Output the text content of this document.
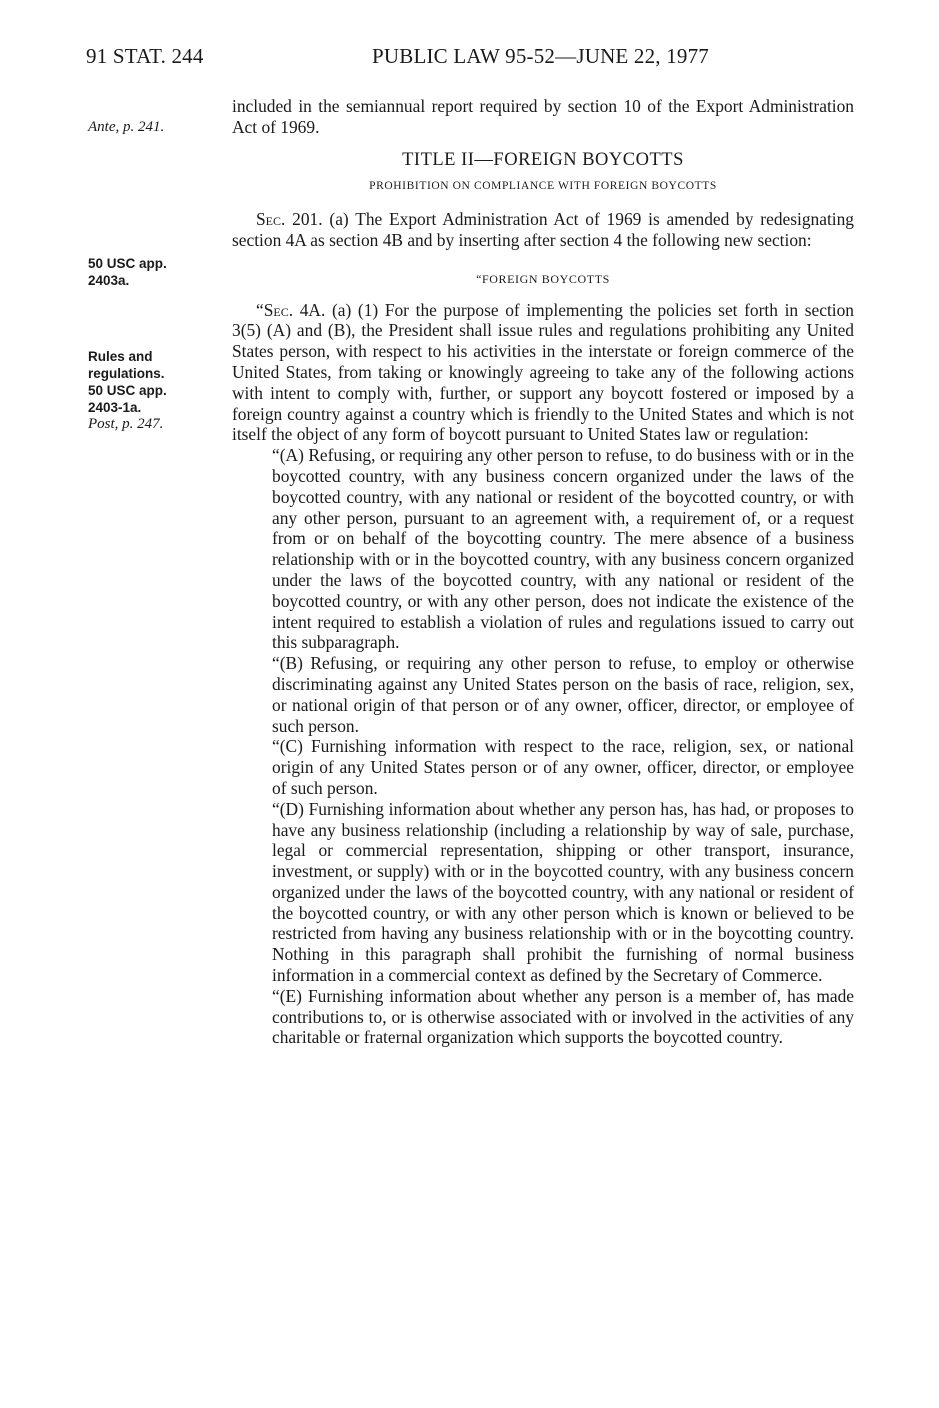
91 STAT. 244	PUBLIC LAW 95-52—JUNE 22, 1977
Ante, p. 241.
50 USC app.
2403a.
Rules and
regulations.
50 USC app.
2403-1a.
Post, p. 247.

included in the semiannual report required by section 10 of the Export Administration Act of 1969.

TITLE II—FOREIGN BOYCOTTS
PROHIBITION ON COMPLIANCE WITH FOREIGN BOYCOTTS

Sec. 201. (a) The Export Administration Act of 1969 is amended by redesignating section 4A as section 4B and by inserting after section 4 the following new section:

“FOREIGN BOYCOTTS

“Sec. 4A. (a) (1) For the purpose of implementing the policies set forth in section 3(5) (A) and (B), the President shall issue rules and regulations prohibiting any United States person, with respect to his activities in the interstate or foreign commerce of the United States, from taking or knowingly agreeing to take any of the following actions with intent to comply with, further, or support any boycott fostered or imposed by a foreign country against a country which is friendly to the United States and which is not itself the object of any form of boycott pursuant to United States law or regulation:

“(A) Refusing, or requiring any other person to refuse, to do business with or in the boycotted country, with any business concern organized under the laws of the boycotted country, with any national or resident of the boycotted country, or with any other person, pursuant to an agreement with, a requirement of, or a request from or on behalf of the boycotting country. The mere absence of a business relationship with or in the boycotted country, with any business concern organized under the laws of the boycotted country, with any national or resident of the boycotted country, or with any other person, does not indicate the existence of the intent required to establish a violation of rules and regulations issued to carry out this subparagraph.

“(B) Refusing, or requiring any other person to refuse, to employ or otherwise discriminating against any United States person on the basis of race, religion, sex, or national origin of that person or of any owner, officer, director, or employee of such person.

“(C) Furnishing information with respect to the race, religion, sex, or national origin of any United States person or of any owner, officer, director, or employee of such person.

“(D) Furnishing information about whether any person has, has had, or proposes to have any business relationship (including a relationship by way of sale, purchase, legal or commercial representation, shipping or other transport, insurance, investment, or supply) with or in the boycotted country, with any business concern organized under the laws of the boycotted country, with any national or resident of the boycotted country, or with any other person which is known or believed to be restricted from having any business relationship with or in the boycotting country. Nothing in this paragraph shall prohibit the furnishing of normal business information in a commercial context as defined by the Secretary of Commerce.

“(E) Furnishing information about whether any person is a member of, has made contributions to, or is otherwise associated with or involved in the activities of any charitable or fraternal organization which supports the boycotted country.
